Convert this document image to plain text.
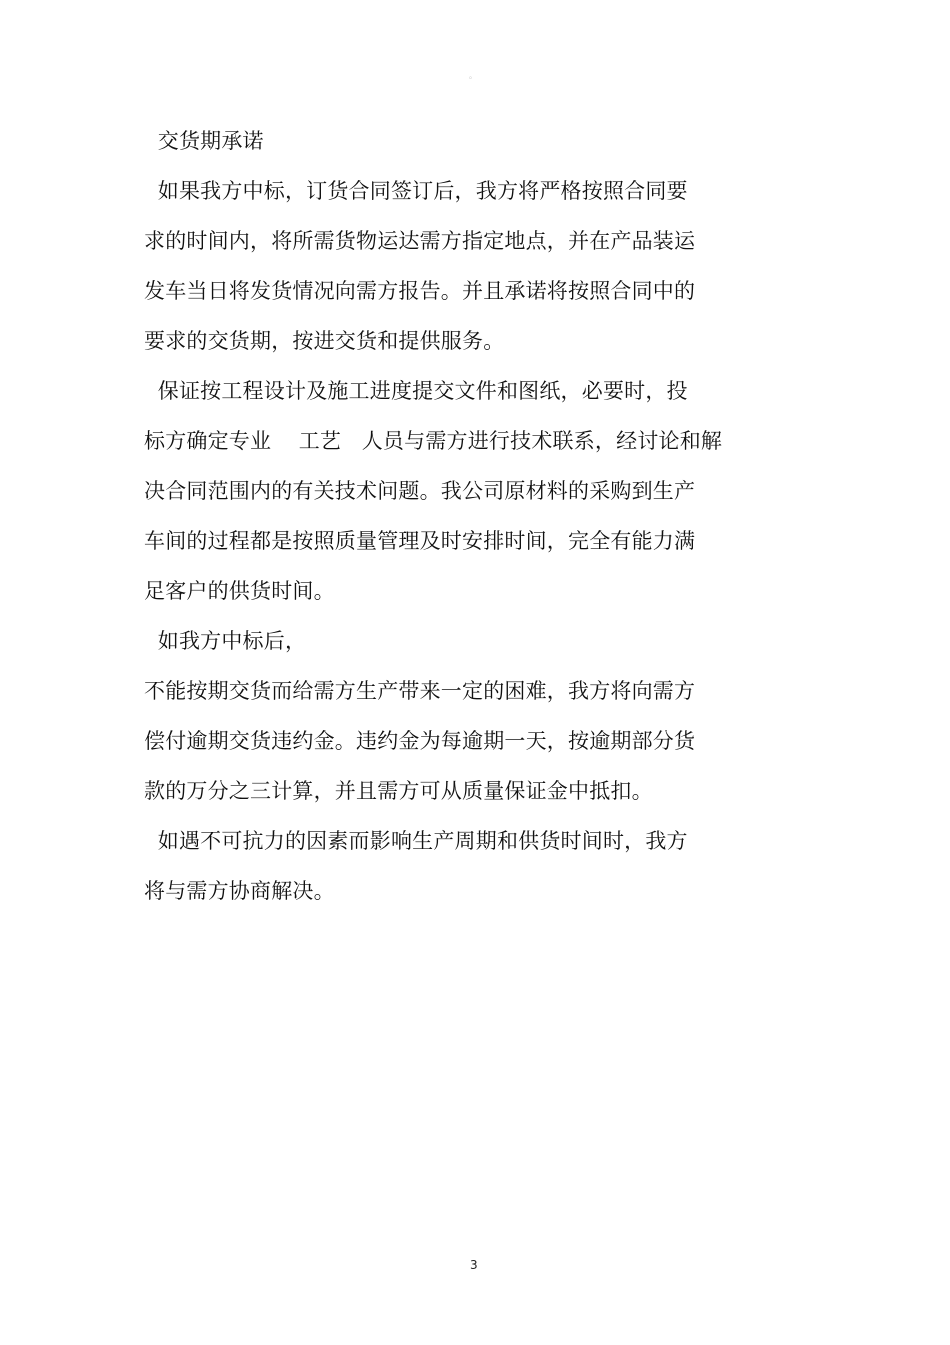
。
交货期承诺
如果我方中标，订货合同签订后，我方将严格按照合同要
求的时间内，将所需货物运达需方指定地点，并在产品装运
发车当日将发货情况向需方报告。并且承诺将按照合同中的
要求的交货期，按进交货和提供服务。
保证按工程设计及施工进度提交文件和图纸，必要时，投
标方确定专业    工艺   人员与需方进行技术联系，经讨论和解
决合同范围内的有关技术问题。我公司原材料的采购到生产
车间的过程都是按照质量管理及时安排时间，完全有能力满
足客户的供货时间。
如我方中标后，
不能按期交货而给需方生产带来一定的困难，我方将向需方
偿付逾期交货违约金。违约金为每逾期一天，按逾期部分货
款的万分之三计算，并且需方可从质量保证金中抵扣。
如遇不可抗力的因素而影响生产周期和供货时间时，我方
将与需方协商解决。
3
